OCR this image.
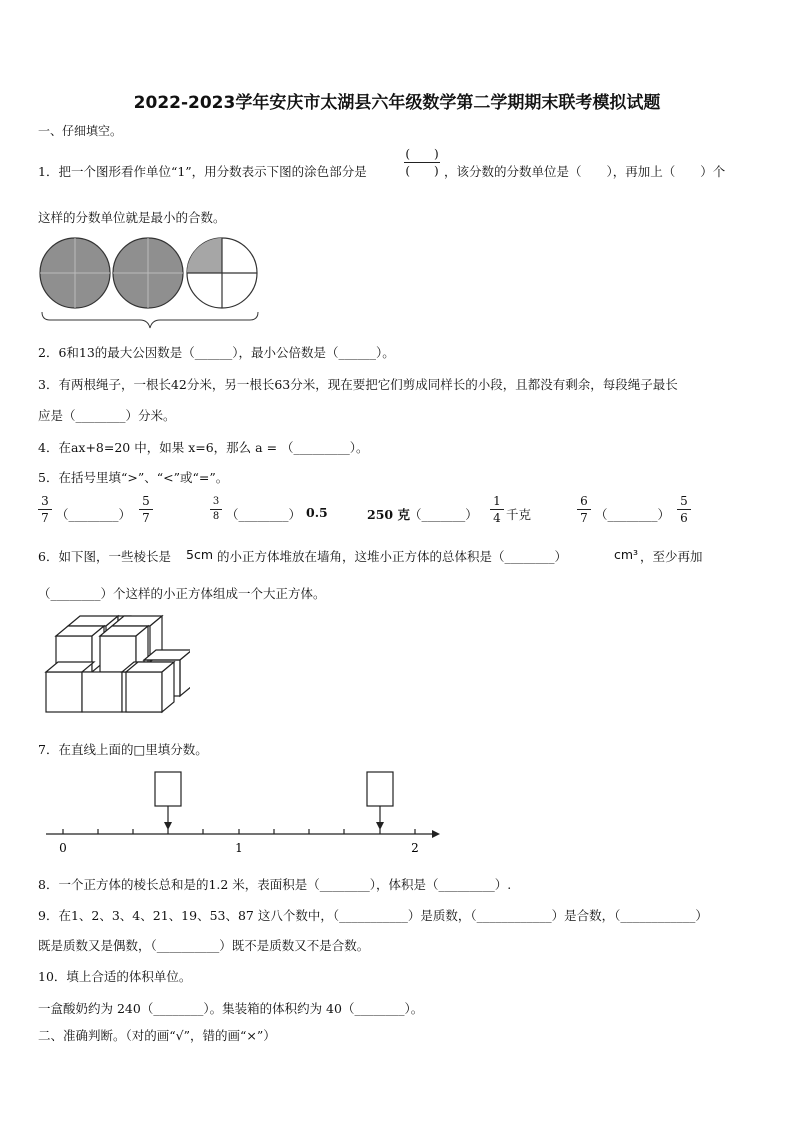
2022-2023学年安庆市太湖县六年级数学第二学期期末联考模拟试题
一、仔细填空。
1．把一个图形看作单位“1”，用分数表示下图的涂色部分是
(　　)
(　　) ，该分数的分数单位是（　　），再加上（　　）个
这样的分数单位就是最小的合数。
2．6和13的最大公因数是（______），最小公倍数是（______）。
3．有两根绳子，一根长42分米，另一根长63分米，现在要把它们剪成同样长的小段，且都没有剩余，每段绳子最长
应是（________）分米。
4．在ax+8=20 中，如果 x=6，那么 a = （_________）。
5．在括号里填“>”、“<”或“=”。
3
7 （________）
5
7
3
8 （________） 0.5	250 克 （_______）
1
4 千克
6
7 （________）
5
6
6．如下图，一些棱长是 5cm 的小正方体堆放在墙角，这堆小正方体的总体积是（________）	cm³ ，至少再加
（________）个这样的小正方体组成一个大正方体。
7．在直线上面的□里填分数。
0	1	2
8．一个正方体的棱长总和是的1.2 米，表面积是（________），体积是（_________）.
9．在1、2、3、4、21、19、53、87 这八个数中，（___________）是质数，（____________）是合数，（____________）
既是质数又是偶数，（__________）既不是质数又不是合数。
10．填上合适的体积单位。
一盒酸奶约为 240（________）。集装箱的体积约为 40（________）。
二、准确判断。（对的画“√”，错的画“×”）
